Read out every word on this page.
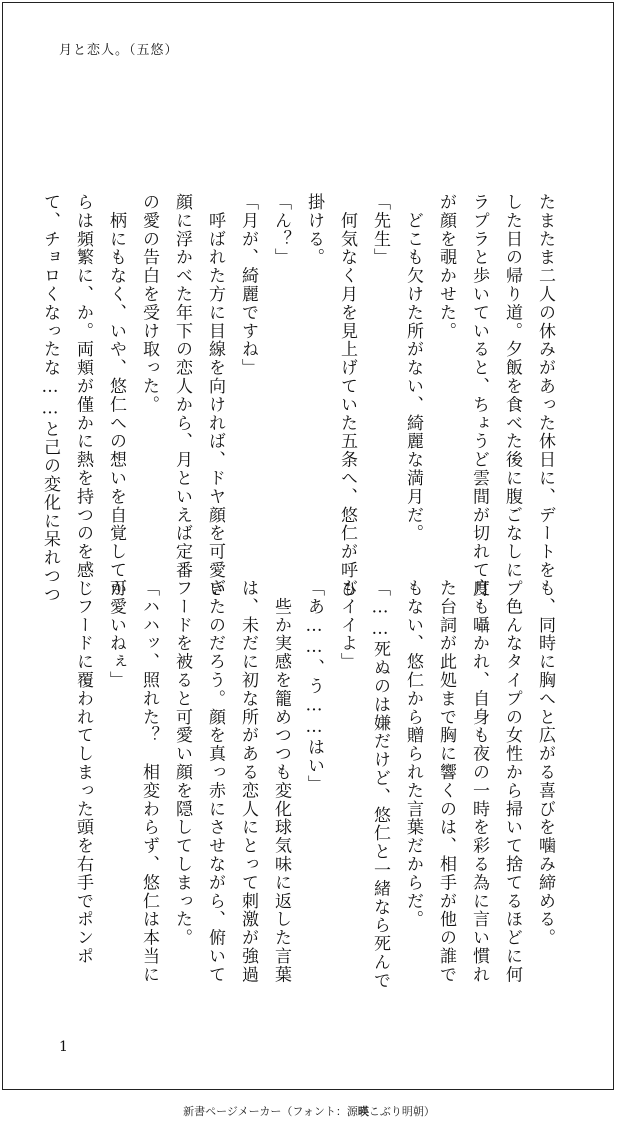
月と恋人。（五悠）
たまたま二人の休みがあった休日に、デートを
した日の帰り道。夕飯を食べた後に腹ごなしにプ
ラプラと歩いていると、ちょうど雲間が切れて月
が顔を覗かせた。
　どこも欠けた所がない、綺麗な満月だ。
「先生」
　何気なく月を見上げていた五条へ、悠仁が呼び
掛ける。
「ん？」
「月が、綺麗ですね」
　呼ばれた方に目線を向ければ、ドヤ顔を可愛い
顔に浮かべた年下の恋人から、月といえば定番
の愛の告白を受け取った。
　柄にもなく、いや、悠仁への想いを自覚してか
らは頻繁に、か。両頬が僅かに熱を持つのを感じ
て、チョロくなったな……と己の変化に呆れつつ
も、同時に胸へと広がる喜びを噛み締める。
　色んなタイプの女性から掃いて捨てるほどに何
度も囁かれ、自身も夜の一時を彩る為に言い慣れ
た台詞が此処まで胸に響くのは、相手が他の誰で
もない、悠仁から贈られた言葉だからだ。
「……死ぬのは嫌だけど、悠仁と一緒なら死んで
もイイよ」
「あ……、う……はい」
　些か実感を籠めつつも変化球気味に返した言葉
は、未だに初な所がある恋人にとって刺激が強過
ぎたのだろう。顔を真っ赤にさせながら、俯いて
フードを被ると可愛い顔を隠してしまった。
「ハハッ、照れた？　相変わらず、悠仁は本当に
可愛いねぇ」
　フードに覆われてしまった頭を右手でポンポ
1
新書ページメーカー（フォント：源暎こぶり明朝）
